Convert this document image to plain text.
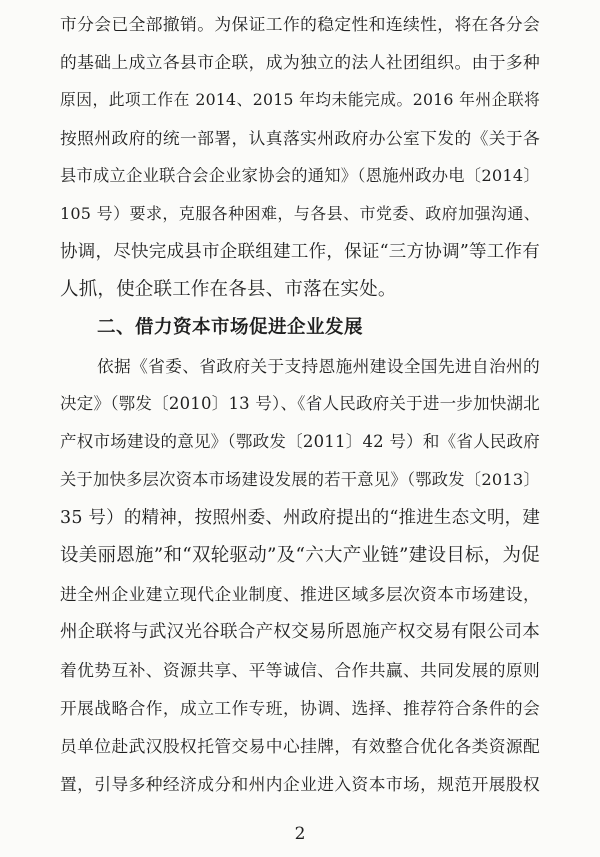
市分会已全部撤销。为保证工作的稳定性和连续性，将在各分会
的基础上成立各县市企联，成为独立的法人社团组织。由于多种
原因，此项工作在 2014、2015 年均未能完成。2016 年州企联将
按照州政府的统一部署，认真落实州政府办公室下发的《关于各
县市成立企业联合会企业家协会的通知》（恩施州政办电〔2014〕
105 号）要求，克服各种困难，与各县、市党委、政府加强沟通、
协调，尽快完成县市企联组建工作，保证“三方协调”等工作有
人抓，使企联工作在各县、市落在实处。
二、借力资本市场促进企业发展
依据《省委、省政府关于支持恩施州建设全国先进自治州的
决定》（鄂发〔2010〕13 号）、《省人民政府关于进一步加快湖北
产权市场建设的意见》（鄂政发〔2011〕42 号）和《省人民政府
关于加快多层次资本市场建设发展的若干意见》（鄂政发〔2013〕
35 号）的精神，按照州委、州政府提出的“推进生态文明，建
设美丽恩施”和“双轮驱动”及“六大产业链”建设目标，为促
进全州企业建立现代企业制度、推进区域多层次资本市场建设，
州企联将与武汉光谷联合产权交易所恩施产权交易有限公司本
着优势互补、资源共享、平等诚信、合作共赢、共同发展的原则
开展战略合作，成立工作专班，协调、选择、推荐符合条件的会
员单位赴武汉股权托管交易中心挂牌，有效整合优化各类资源配
置，引导多种经济成分和州内企业进入资本市场，规范开展股权
2
